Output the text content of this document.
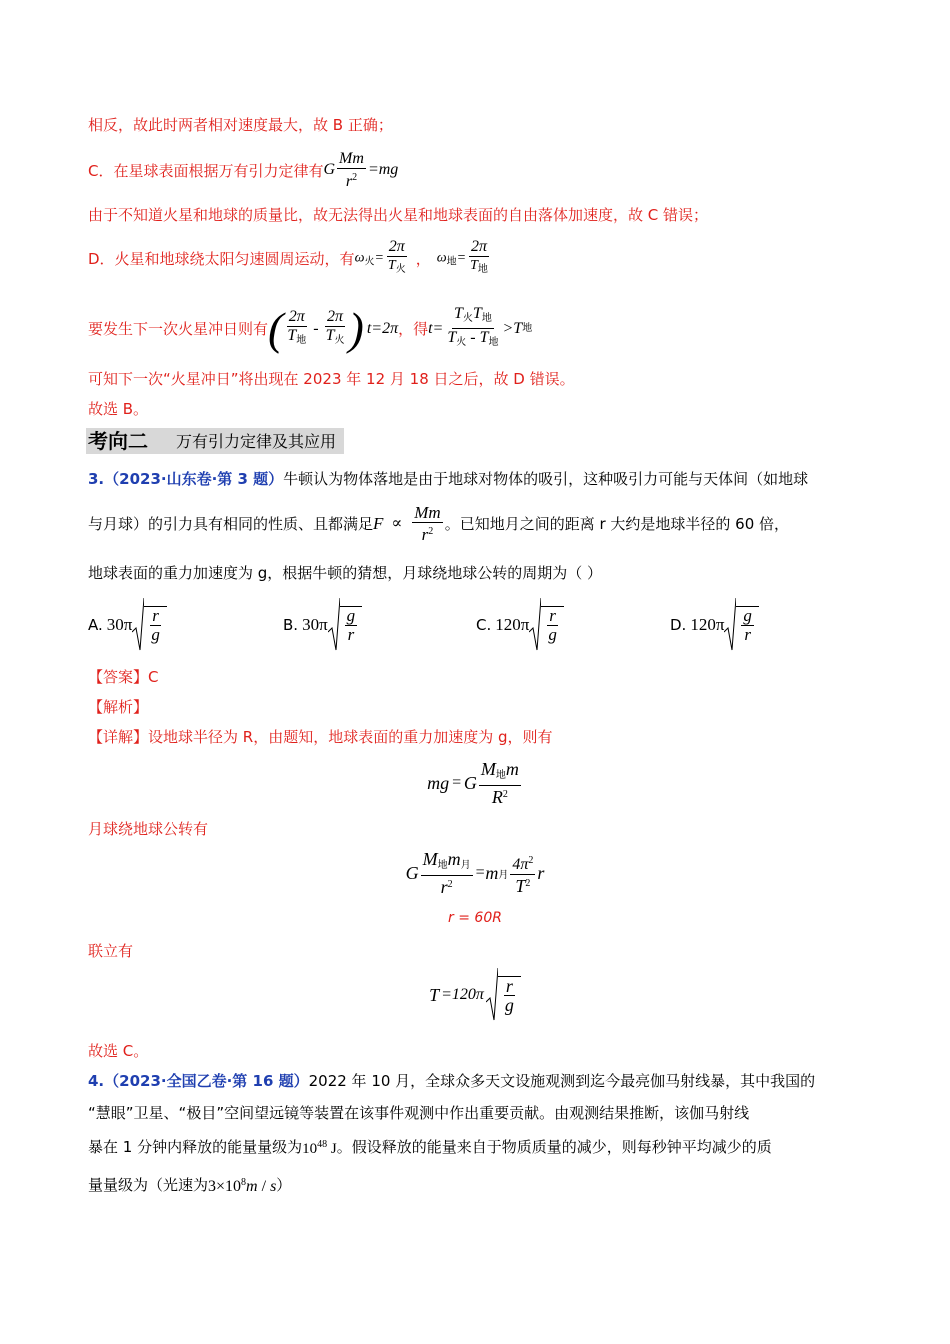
相反，故此时两者相对速度最大，故 B 正确；
C．在星球表面根据万有引力定律有 G $\frac{Mm}{r^2} =mg$
由于不知道火星和地球的质量比，故无法得出火星和地球表面的自由落体加速度，故 C 错误；
D．火星和地球绕太阳匀速圆周运动，有 $\omega_火= \frac{2\pi}{T_火}$ ， $\omega_地= \frac{2\pi}{T_地}$
要发生下一次火星冲日则有 ( $\frac{2\pi}{T_地} - \frac{2\pi}{T_火}$ ) t =2π ，得 $t= \frac{T_火T_地}{T_火 - T_地} > T$ 地
可知下一次“火星冲日”将出现在 2023 年 12 月 18 日之后，故 D 错误。
故选 B。
考向二 万有引力定律及其应用
3.（2023·山东卷·第 3 题）牛顿认为物体落地是由于地球对物体的吸引，这种吸引力可能与天体间（如地球
与月球）的引力具有相同的性质、且都满足 $F \propto \frac{Mm}{r^2}$ 。已知地月之间的距离 r 大约是地球半径的 60 倍，
地球表面的重力加速度为 g，根据牛顿的猜想，月球绕地球公转的周期为（ ）
A. $30\pi \frac{r}{g}$	B. $30\pi \frac{g}{r}$	C. $120\pi \frac{r}{g}$	D. $120\pi \frac{g}{r}$
【答案】C
【解析】
【详解】设地球半径为 R，由题知，地球表面的重力加速度为 g，则有
mg = G $\frac{M_地m}{R^2}$
月球绕地球公转有
G $\frac{M_地m_月}{r^2} = m$ 月 $\frac{4\pi^2}{T^2}$ r
r = 60R
联立有
$T =120\pi \frac{r}{g}$
故选 C。
4.（2023·全国乙卷·第 16 题）2022 年 10 月，全球众多天文设施观测到迄今最亮伽马射线暴，其中我国的
“慧眼”卫星、“极目”空间望远镜等装置在该事件观测中作出重要贡献。由观测结果推断，该伽马射线
暴在 1 分钟内释放的能量量级为 $10^{48}$ J 。假设释放的能量来自于物质质量的减少，则每秒钟平均减少的质
量量级为（光速为 $3\times 10^8m / s$ ）
